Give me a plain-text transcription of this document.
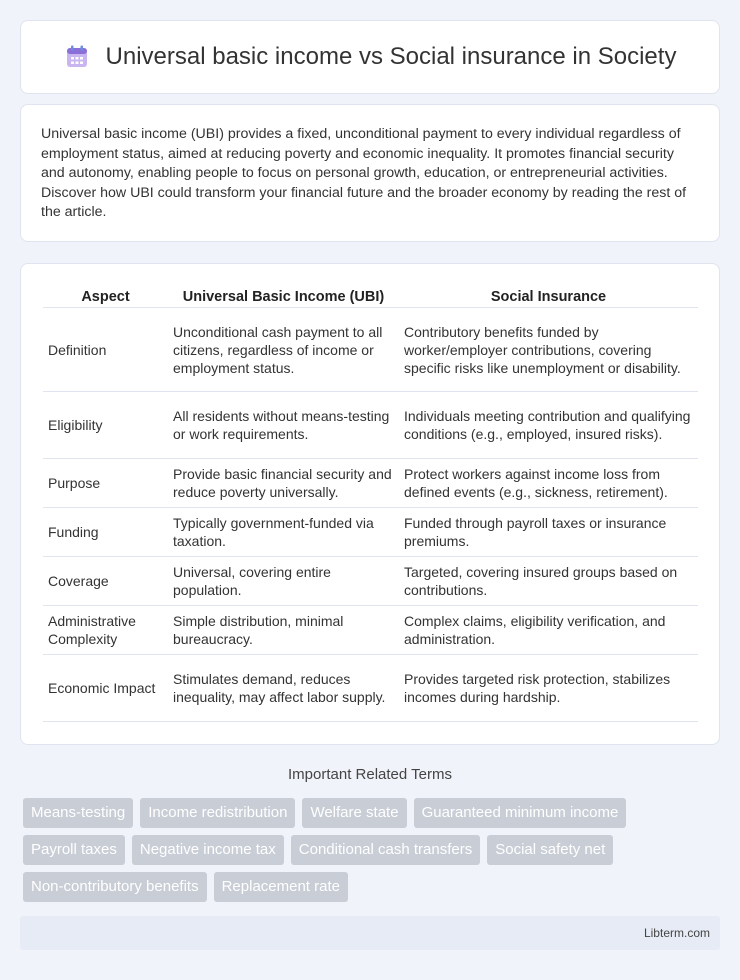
Universal basic income vs Social insurance in Society

Universal basic income (UBI) provides a fixed, unconditional payment to every individual regardless of employment status, aimed at reducing poverty and economic inequality. It promotes financial security and autonomy, enabling people to focus on personal growth, education, or entrepreneurial activities. Discover how UBI could transform your financial future and the broader economy by reading the rest of the article.

Aspect	Universal Basic Income (UBI)	Social Insurance
Definition	Unconditional cash payment to all citizens, regardless of income or employment status.	Contributory benefits funded by worker/employer contributions, covering specific risks like unemployment or disability.
Eligibility	All residents without means-testing or work requirements.	Individuals meeting contribution and qualifying conditions (e.g., employed, insured risks).
Purpose	Provide basic financial security and reduce poverty universally.	Protect workers against income loss from defined events (e.g., sickness, retirement).
Funding	Typically government-funded via taxation.	Funded through payroll taxes or insurance premiums.
Coverage	Universal, covering entire population.	Targeted, covering insured groups based on contributions.
Administrative Complexity	Simple distribution, minimal bureaucracy.	Complex claims, eligibility verification, and administration.
Economic Impact	Stimulates demand, reduces inequality, may affect labor supply.	Provides targeted risk protection, stabilizes incomes during hardship.
Important Related Terms
Means-testing	Income redistribution	Welfare state	Guaranteed minimum income
Payroll taxes	Negative income tax	Conditional cash transfers	Social safety net
Non-contributory benefits	Replacement rate
Libterm.com
